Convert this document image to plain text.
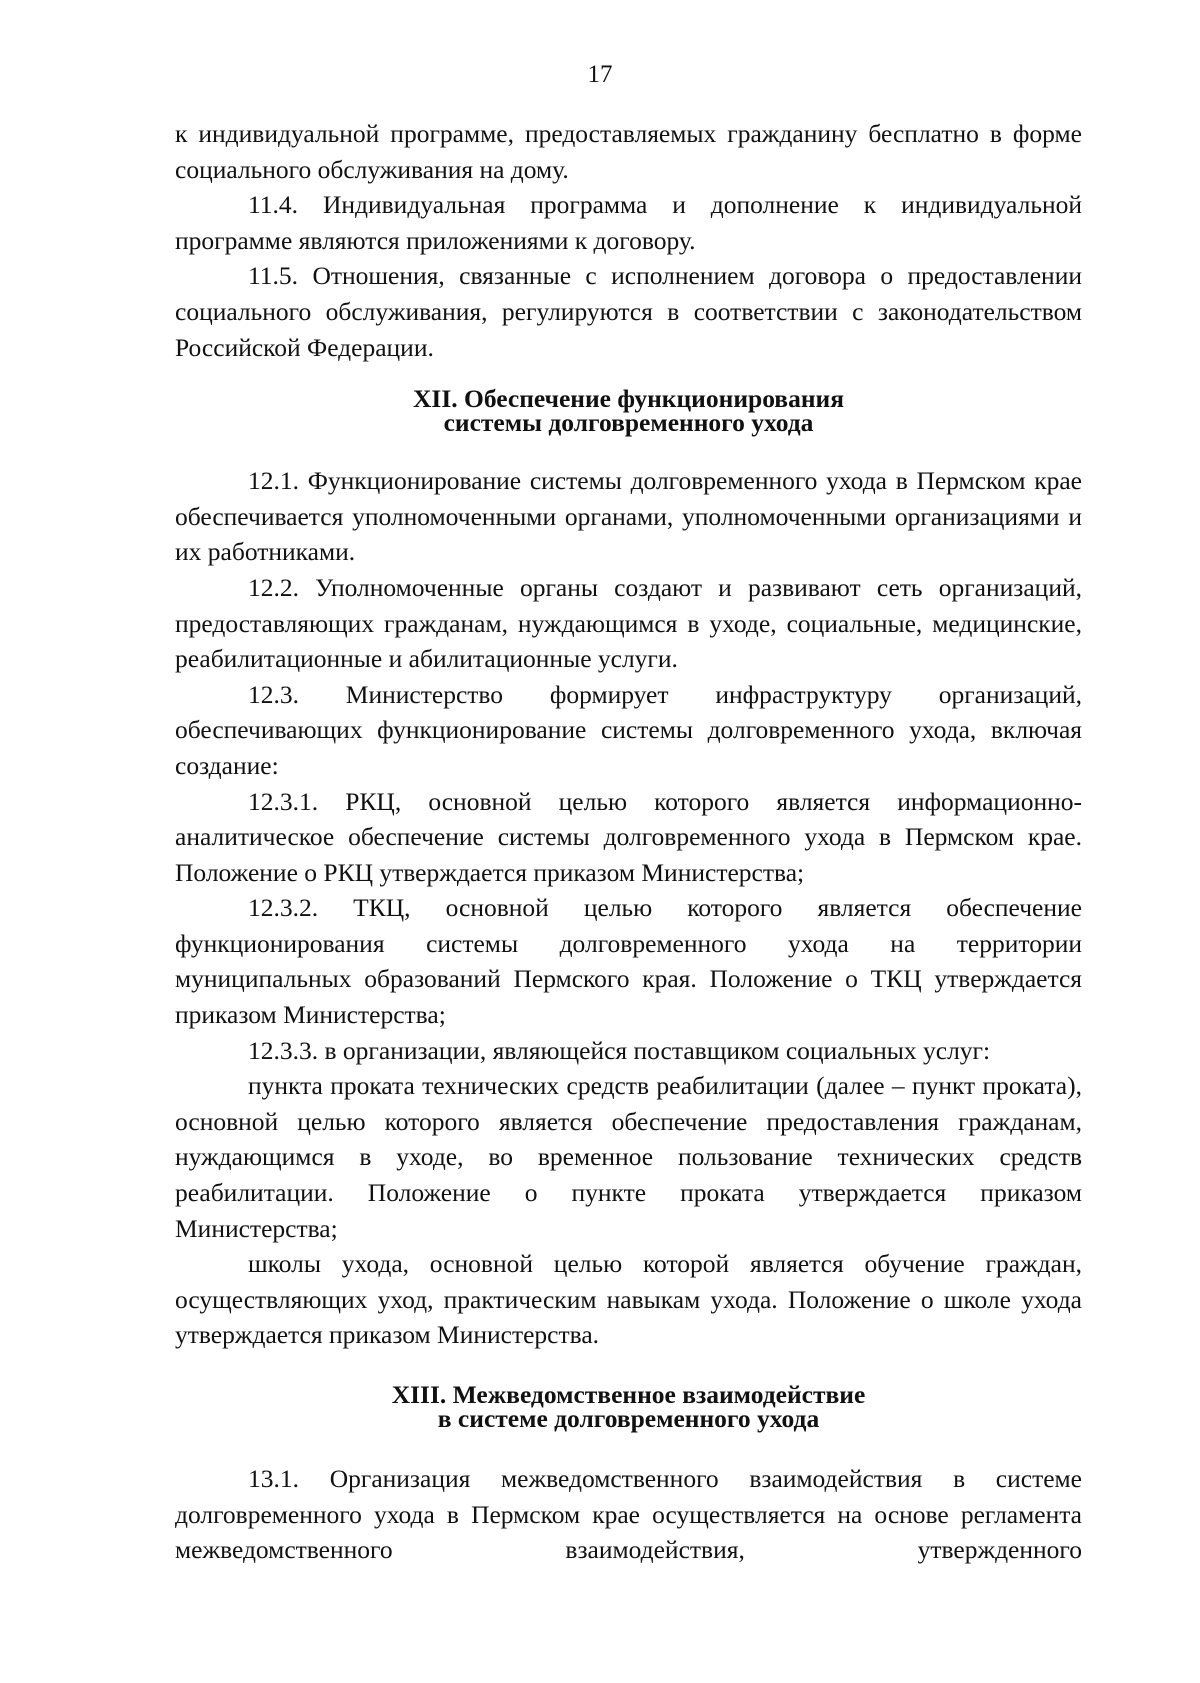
17

к индивидуальной программе, предоставляемых гражданину бесплатно в форме социального обслуживания на дому.

11.4. Индивидуальная программа и дополнение к индивидуальной программе являются приложениями к договору.

11.5. Отношения, связанные с исполнением договора о предоставлении социального обслуживания, регулируются в соответствии с законодательством Российской Федерации.

XII. Обеспечение функционирования
системы долговременного ухода

12.1. Функционирование системы долговременного ухода в Пермском крае обеспечивается уполномоченными органами, уполномоченными организациями и их работниками.

12.2. Уполномоченные органы создают и развивают сеть организаций, предоставляющих гражданам, нуждающимся в уходе, социальные, медицинские, реабилитационные и абилитационные услуги.

12.3. Министерство формирует инфраструктуру организаций, обеспечивающих функционирование системы долговременного ухода, включая создание:

12.3.1. РКЦ, основной целью которого является информационно-аналитическое обеспечение системы долговременного ухода в Пермском крае. Положение о РКЦ утверждается приказом Министерства;

12.3.2. ТКЦ, основной целью которого является обеспечение функционирования системы долговременного ухода на территории муниципальных образований Пермского края. Положение о ТКЦ утверждается приказом Министерства;

12.3.3. в организации, являющейся поставщиком социальных услуг:

пункта проката технических средств реабилитации (далее – пункт проката), основной целью которого является обеспечение предоставления гражданам, нуждающимся в уходе, во временное пользование технических средств реабилитации. Положение о пункте проката утверждается приказом Министерства;

школы ухода, основной целью которой является обучение граждан, осуществляющих уход, практическим навыкам ухода. Положение о школе ухода утверждается приказом Министерства.

XIII. Межведомственное взаимодействие
в системе долговременного ухода

13.1. Организация межведомственного взаимодействия в системе долговременного ухода в Пермском крае осуществляется на основе регламента межведомственного взаимодействия, утвержденного
